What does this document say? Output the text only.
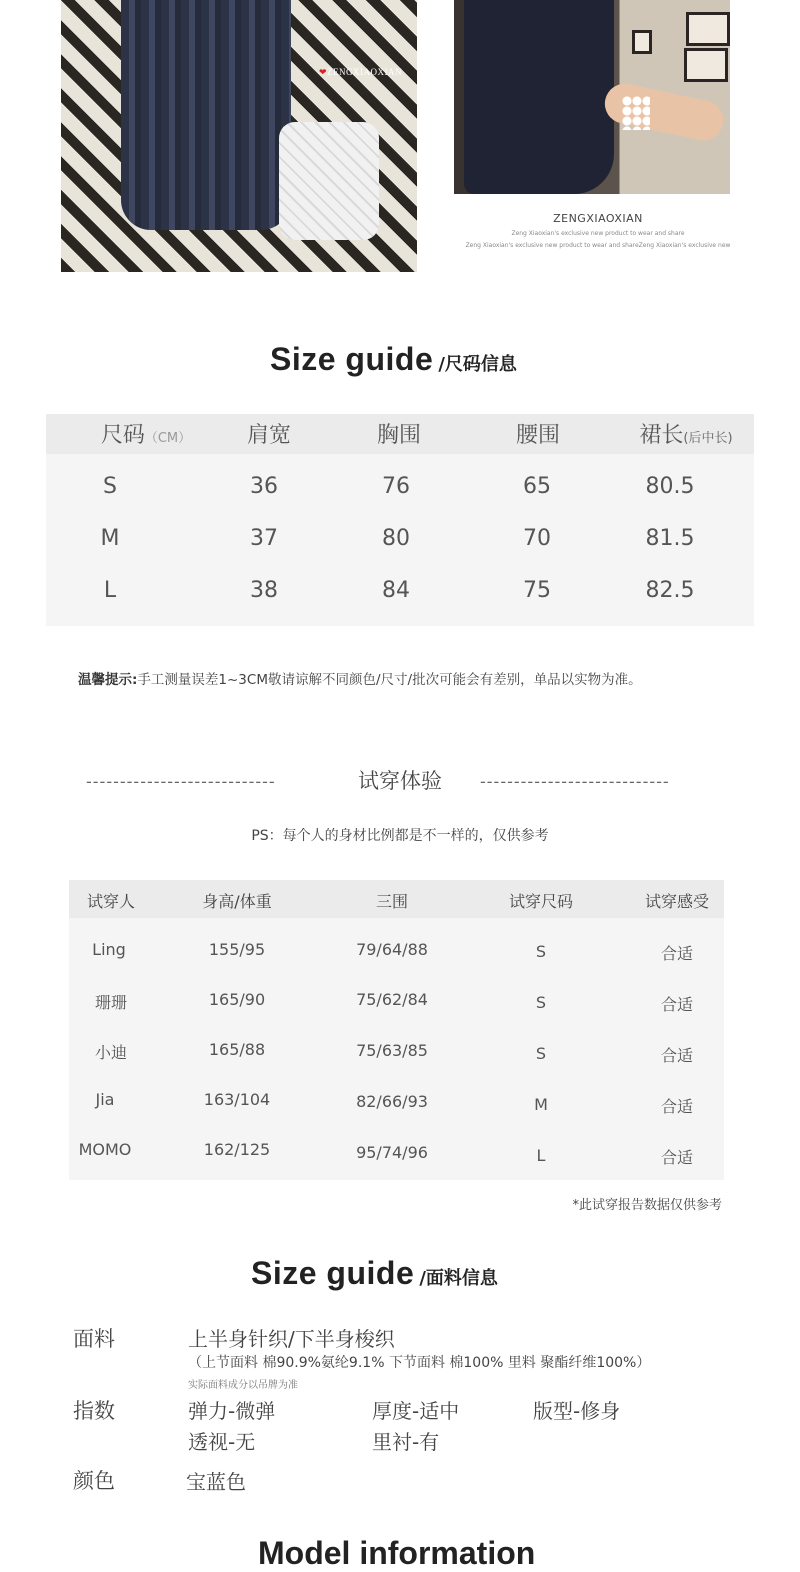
❤ZENGXIAOXIAN
ZENGXIAOXIAN
Zeng Xiaoxian's exclusive new product to wear and share
Zeng Xiaoxian's exclusive new product to wear and shareZeng Xiaoxian's exclusive new
Size guide /尺码信息
尺码（CM）	肩宽	胸围	腰围	裙长(后中长)
S	36	76	65	80.5
M	37	80	70	81.5
L	38	84	75	82.5
温馨提示:手工测量误差1~3CM敬请谅解不同颜色/尺寸/批次可能会有差别，单品以实物为准。
----------------------------	试穿体验	----------------------------
PS：每个人的身材比例都是不一样的，仅供参考
试穿人	身高/体重	三围	试穿尺码	试穿感受
Ling	155/95	79/64/88	S	合适
珊珊	165/90	75/62/84	S	合适
小迪	165/88	75/63/85	S	合适
Jia	163/104	82/66/93	M	合适
MOMO	162/125	95/74/96	L	合适
*此试穿报告数据仅供参考
Size guide /面料信息
面料	上半身针织/下半身梭织
（上节面料 棉90.9%氨纶9.1% 下节面料 棉100% 里料 聚酯纤维100%）
实际面料成分以吊牌为准
指数	弹力-微弹	厚度-适中	版型-修身
透视-无	里衬-有
颜色	宝蓝色
Model information
